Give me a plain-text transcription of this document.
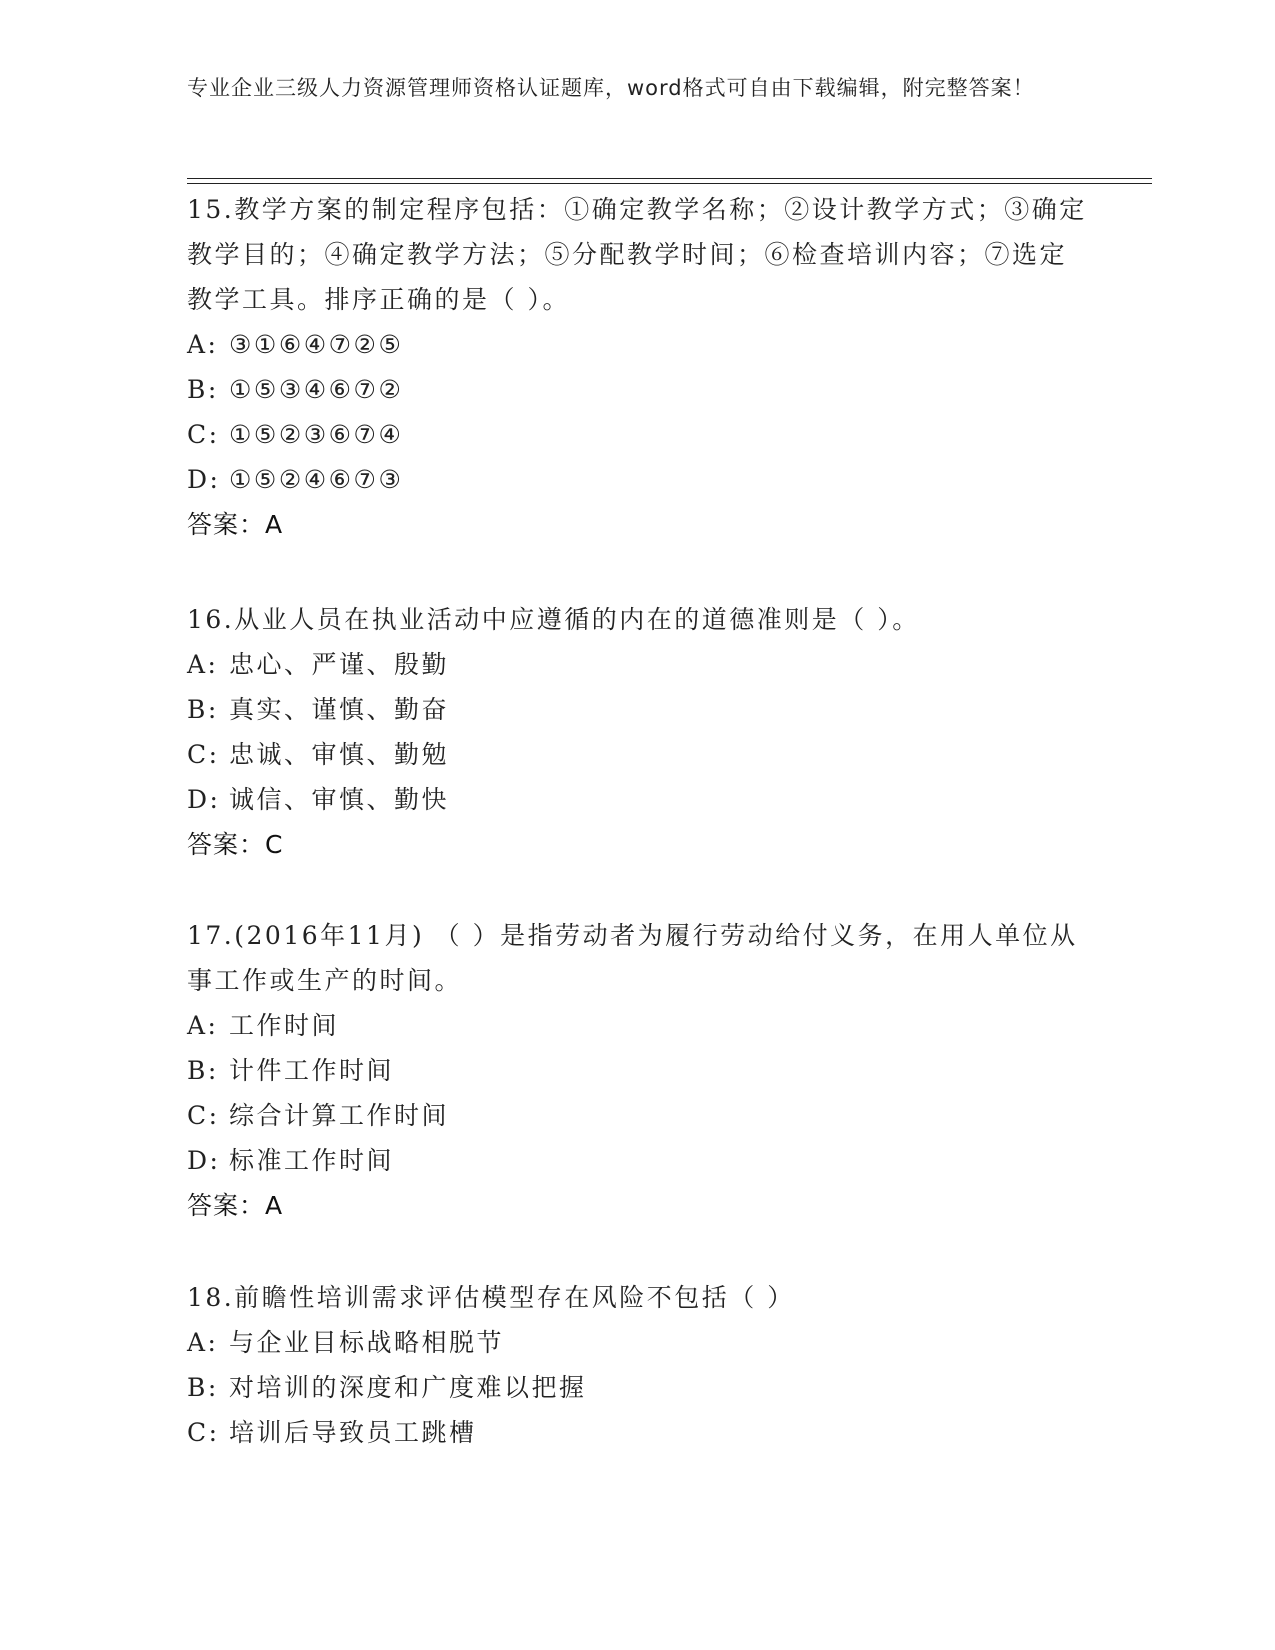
专业企业三级人力资源管理师资格认证题库，word格式可自由下载编辑，附完整答案！

15.教学方案的制定程序包括：①确定教学名称；②设计教学方式；③确定教学目的；④确定教学方法；⑤分配教学时间；⑥检查培训内容；⑦选定教学工具。排序正确的是（ ）。

A: ③①⑥④⑦②⑤
B: ①⑤③④⑥⑦②
C: ①⑤②③⑥⑦④
D: ①⑤②④⑥⑦③
答案：A

16.从业人员在执业活动中应遵循的内在的道德准则是（ ）。

A: 忠心、严谨、殷勤
B: 真实、谨慎、勤奋
C: 忠诚、审慎、勤勉
D: 诚信、审慎、勤快
答案：C

17.(2016年11月) （ ）是指劳动者为履行劳动给付义务，在用人单位从事工作或生产的时间。

A: 工作时间
B: 计件工作时间
C: 综合计算工作时间
D: 标准工作时间
答案：A

18.前瞻性培训需求评估模型存在风险不包括（ ）

A: 与企业目标战略相脱节
B: 对培训的深度和广度难以把握
C: 培训后导致员工跳槽
